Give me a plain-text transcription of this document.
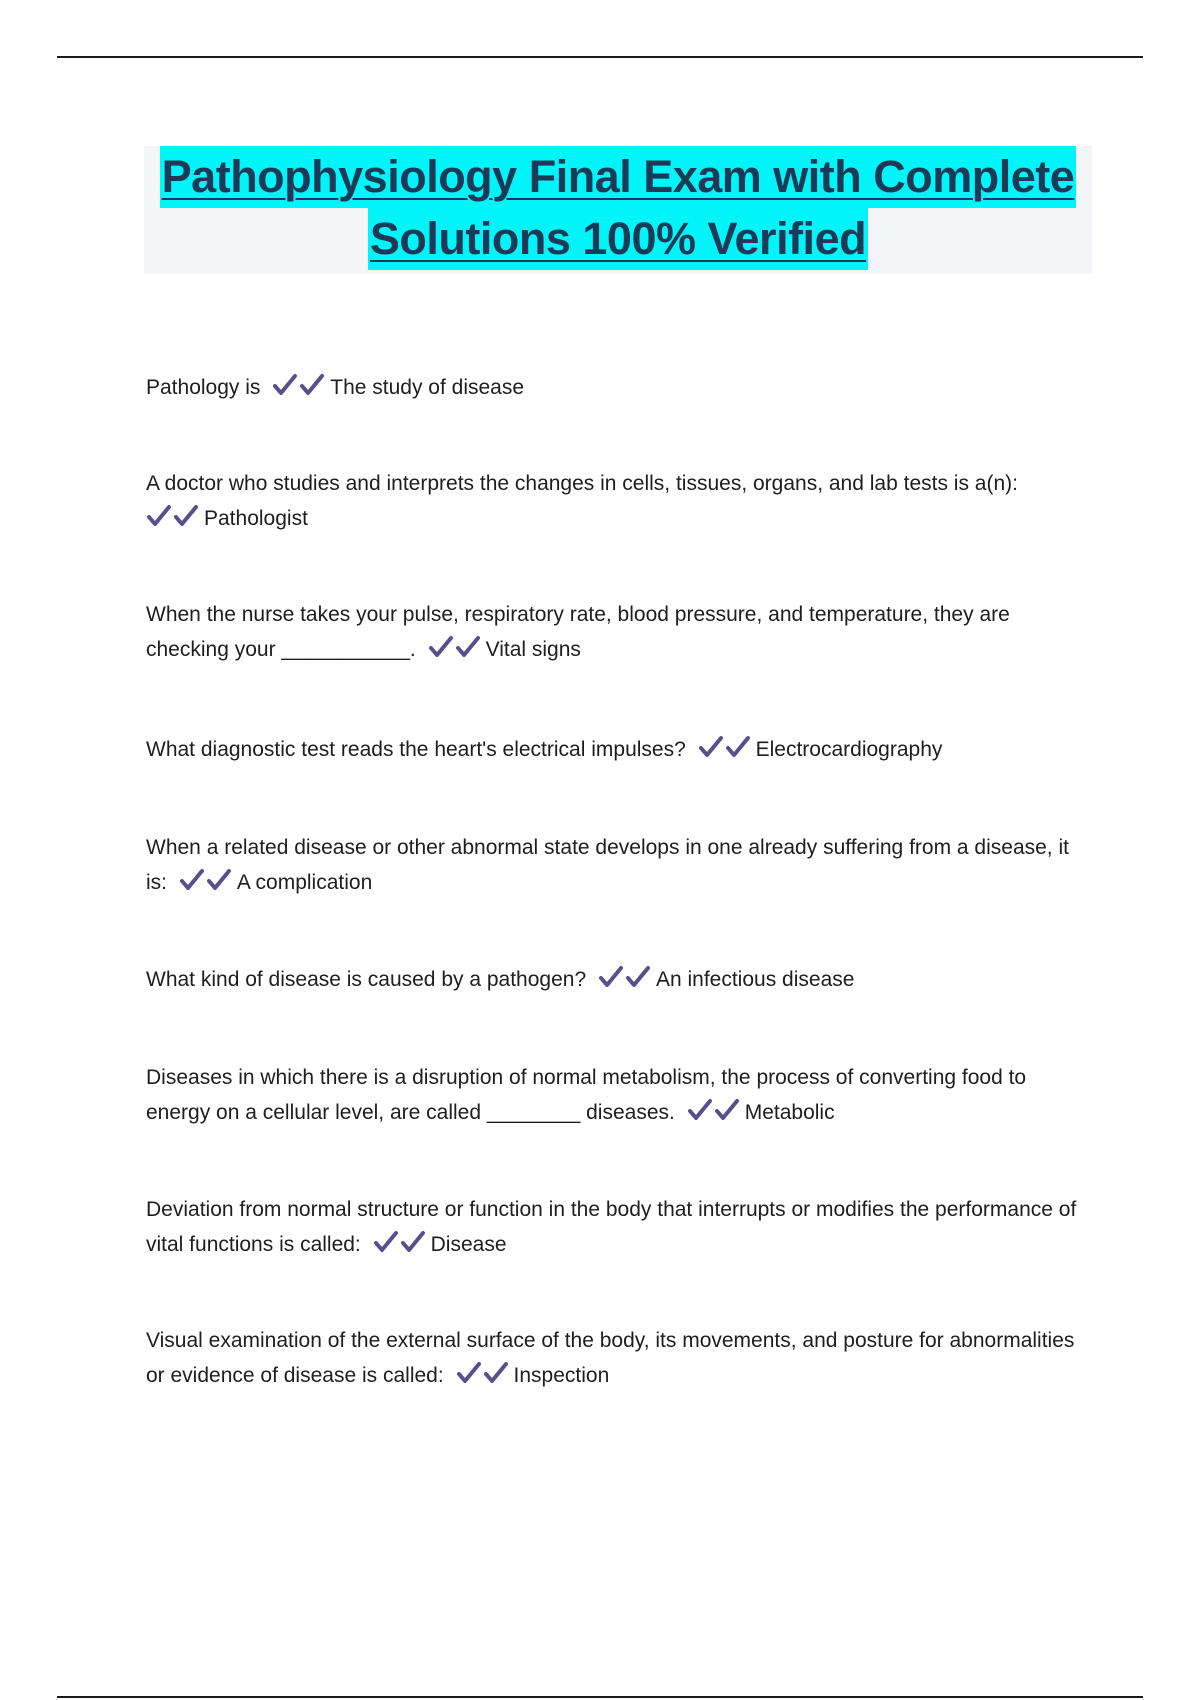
Pathophysiology Final Exam with Complete
Solutions 100% Verified
Pathology is	The study of disease
A doctor who studies and interprets the changes in cells, tissues, organs, and lab tests is a(n):
Pathologist
When the nurse takes your pulse, respiratory rate, blood pressure, and temperature, they are checking your ___________.	Vital signs
What diagnostic test reads the heart's electrical impulses?	Electrocardiography
When a related disease or other abnormal state develops in one already suffering from a disease, it is:	A complication
What kind of disease is caused by a pathogen?	An infectious disease
Diseases in which there is a disruption of normal metabolism, the process of converting food to energy on a cellular level, are called ________ diseases.	Metabolic
Deviation from normal structure or function in the body that interrupts or modifies the performance of vital functions is called:	Disease
Visual examination of the external surface of the body, its movements, and posture for abnormalities or evidence of disease is called:	Inspection
